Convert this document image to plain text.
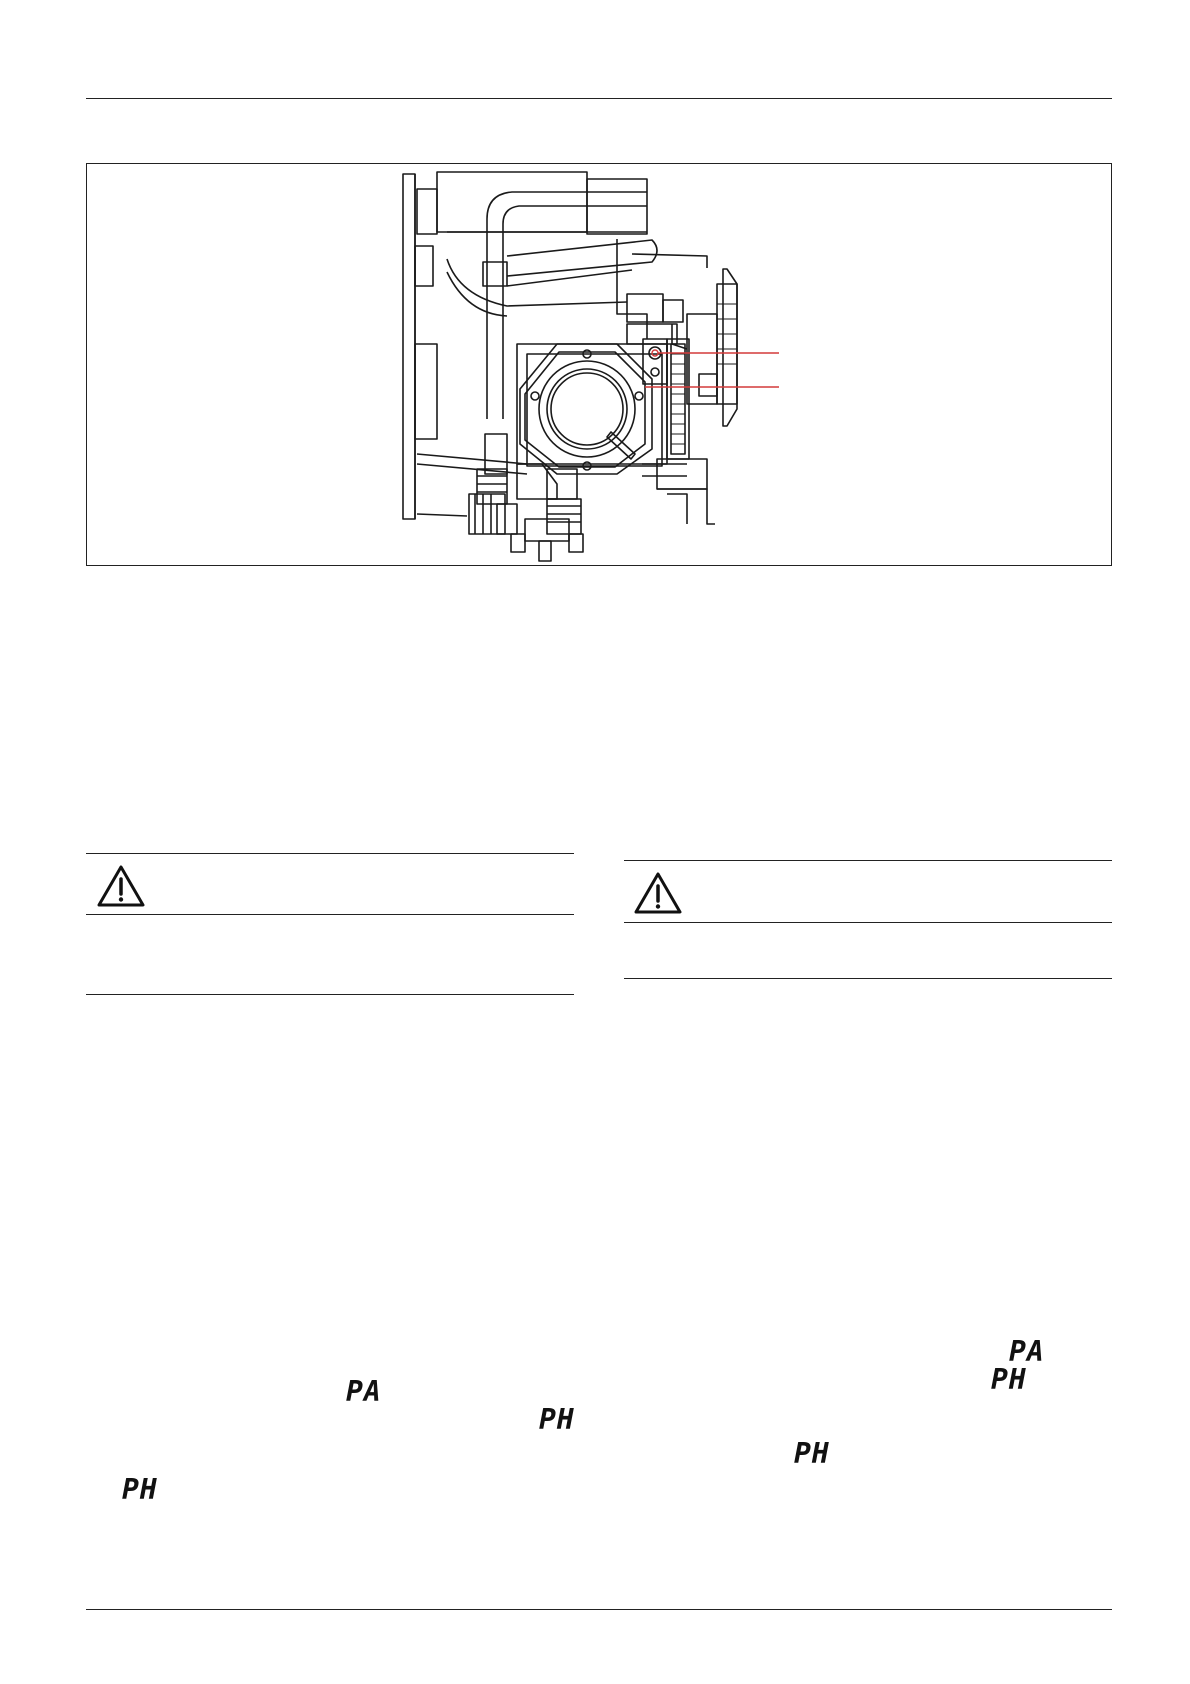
PA
PH
PH
PA
PH
PH
